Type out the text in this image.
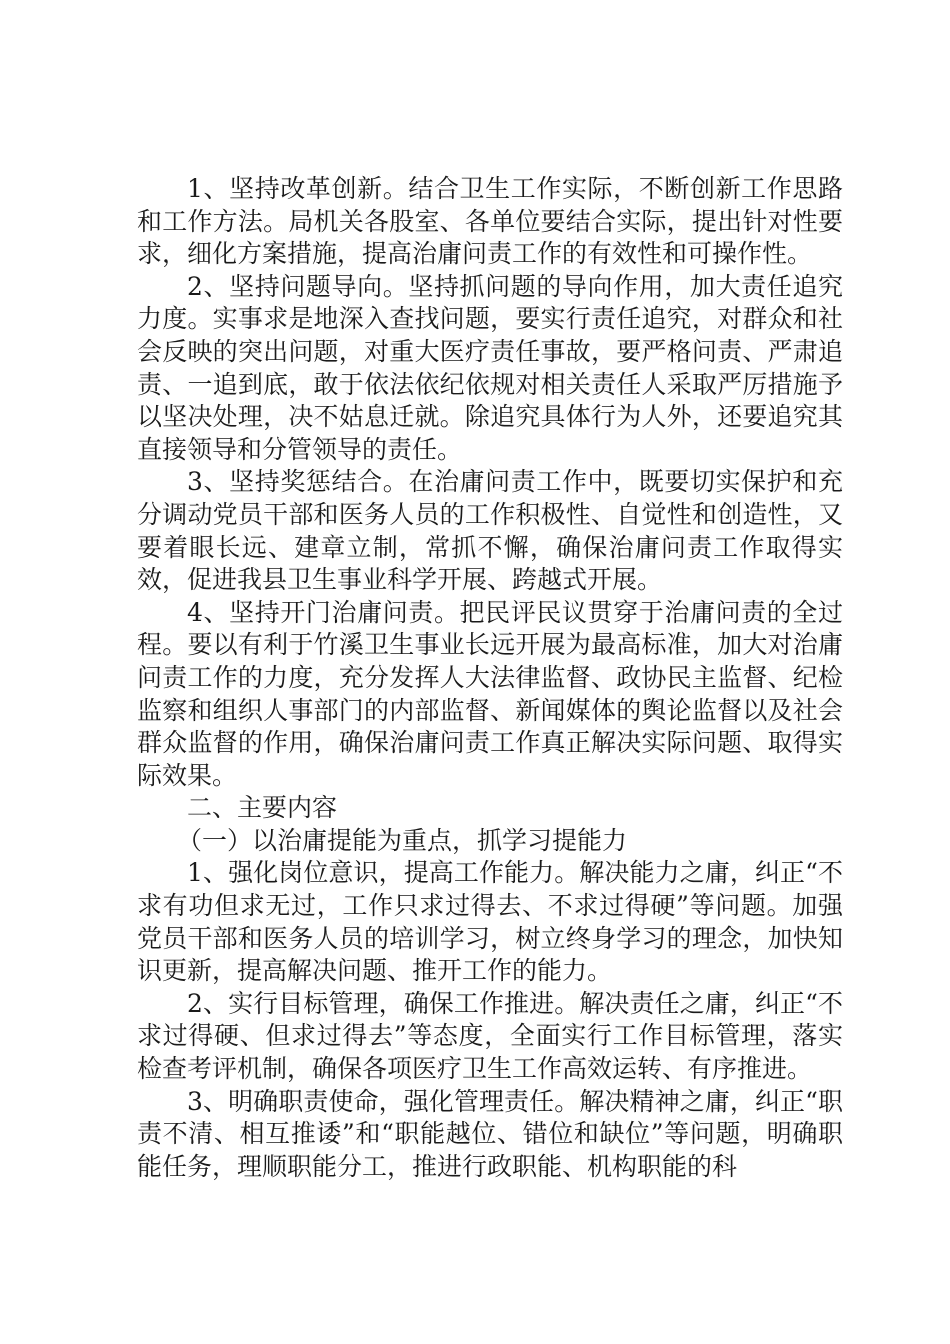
1、坚持改革创新。结合卫生工作实际，不断创新工作思路和工作方法。局机关各股室、各单位要结合实际，提出针对性要求，细化方案措施，提高治庸问责工作的有效性和可操作性。

2、坚持问题导向。坚持抓问题的导向作用，加大责任追究力度。实事求是地深入查找问题，要实行责任追究，对群众和社会反映的突出问题，对重大医疗责任事故，要严格问责、严肃追责、一追到底，敢于依法依纪依规对相关责任人采取严厉措施予以坚决处理，决不姑息迁就。除追究具体行为人外，还要追究其直接领导和分管领导的责任。

3、坚持奖惩结合。在治庸问责工作中，既要切实保护和充分调动党员干部和医务人员的工作积极性、自觉性和创造性，又要着眼长远、建章立制，常抓不懈，确保治庸问责工作取得实效，促进我县卫生事业科学开展、跨越式开展。

4、坚持开门治庸问责。把民评民议贯穿于治庸问责的全过程。要以有利于竹溪卫生事业长远开展为最高标准，加大对治庸问责工作的力度，充分发挥人大法律监督、政协民主监督、纪检监察和组织人事部门的内部监督、新闻媒体的舆论监督以及社会群众监督的作用，确保治庸问责工作真正解决实际问题、取得实际效果。

二、主要内容

（一）以治庸提能为重点，抓学习提能力

1、强化岗位意识，提高工作能力。解决能力之庸，纠正“不求有功但求无过，工作只求过得去、不求过得硬”等问题。加强党员干部和医务人员的培训学习，树立终身学习的理念，加快知识更新，提高解决问题、推开工作的能力。

2、实行目标管理，确保工作推进。解决责任之庸，纠正“不求过得硬、但求过得去”等态度，全面实行工作目标管理，落实检查考评机制，确保各项医疗卫生工作高效运转、有序推进。

3、明确职责使命，强化管理责任。解决精神之庸，纠正“职责不清、相互推诿”和“职能越位、错位和缺位”等问题，明确职能任务，理顺职能分工，推进行政职能、机构职能的科
